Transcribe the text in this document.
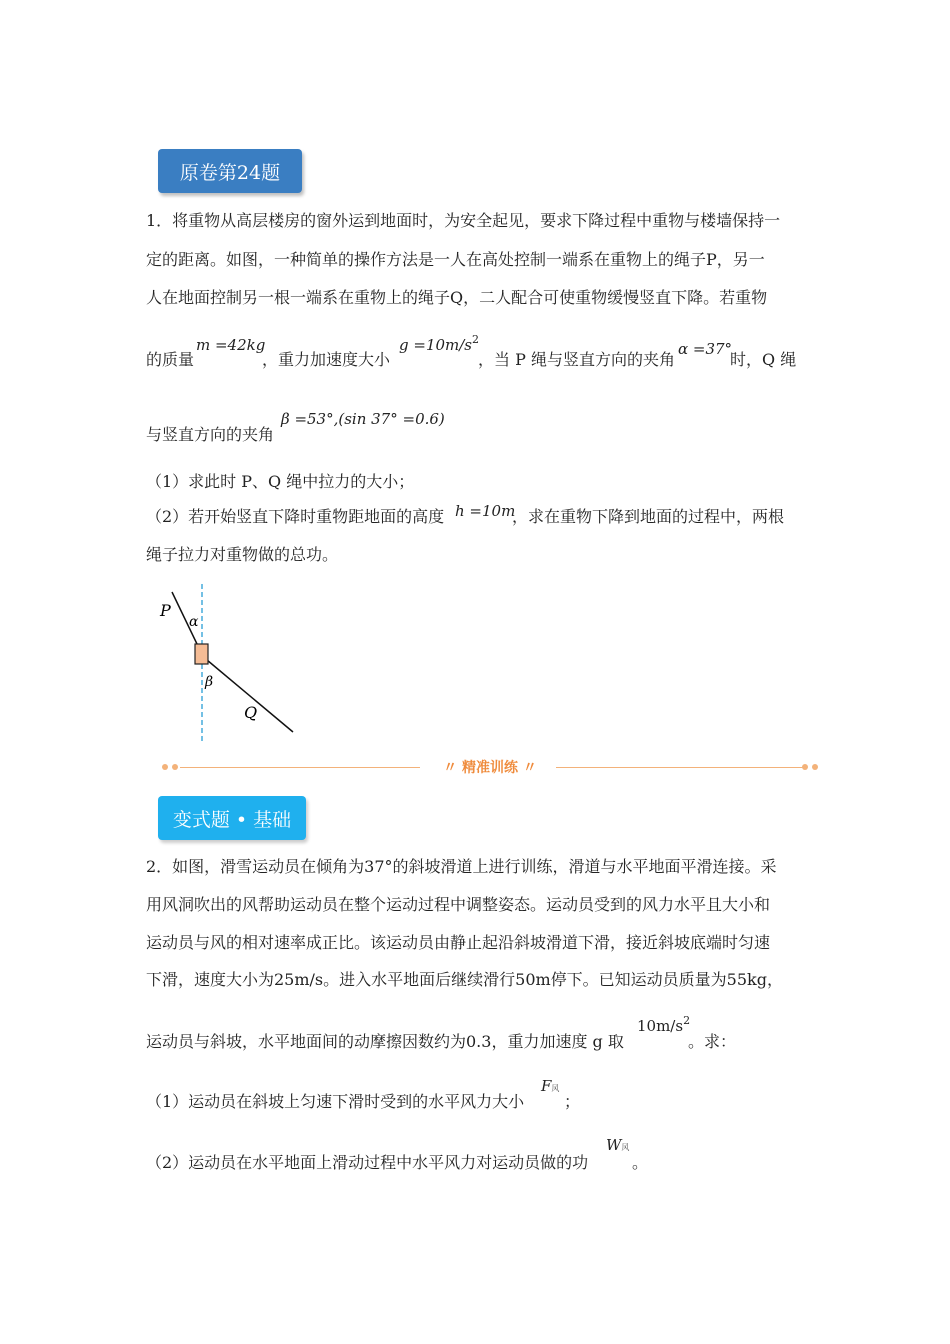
原卷第24题
1．将重物从高层楼房的窗外运到地面时，为安全起见，要求下降过程中重物与楼墙保持一
定的距离。如图，一种简单的操作方法是一人在高处控制一端系在重物上的绳子P，另一
人在地面控制另一根一端系在重物上的绳子Q，二人配合可使重物缓慢竖直下降。若重物
的质量
m =42kg
，重力加速度大小
$g =10m/s^2$
，当 P 绳与竖直方向的夹角
α =37°
时，Q 绳
与竖直方向的夹角
β =53°,(sin 37° =0.6)
（1）求此时 P、Q 绳中拉力的大小；
（2）若开始竖直下降时重物距地面的高度 h =10m
，求在重物下降到地面的过程中，两根
绳子拉力对重物做的总功。
P
α
β
Q
〃 精准训练 〃
变式题 • 基础
2．如图，滑雪运动员在倾角为37°的斜坡滑道上进行训练，滑道与水平地面平滑连接。采
用风洞吹出的风帮助运动员在整个运动过程中调整姿态。运动员受到的风力水平且大小和
运动员与风的相对速率成正比。该运动员由静止起沿斜坡滑道下滑，接近斜坡底端时匀速
下滑，速度大小为25m/s。进入水平地面后继续滑行50m停下。已知运动员质量为55kg，
运动员与斜坡，水平地面间的动摩擦因数约为0.3，重力加速度 g 取
$10m/s^2$
。求：
（1）运动员在斜坡上匀速下滑时受到的水平风力大小
F风
；
（2）运动员在水平地面上滑动过程中水平风力对运动员做的功
W风
。
